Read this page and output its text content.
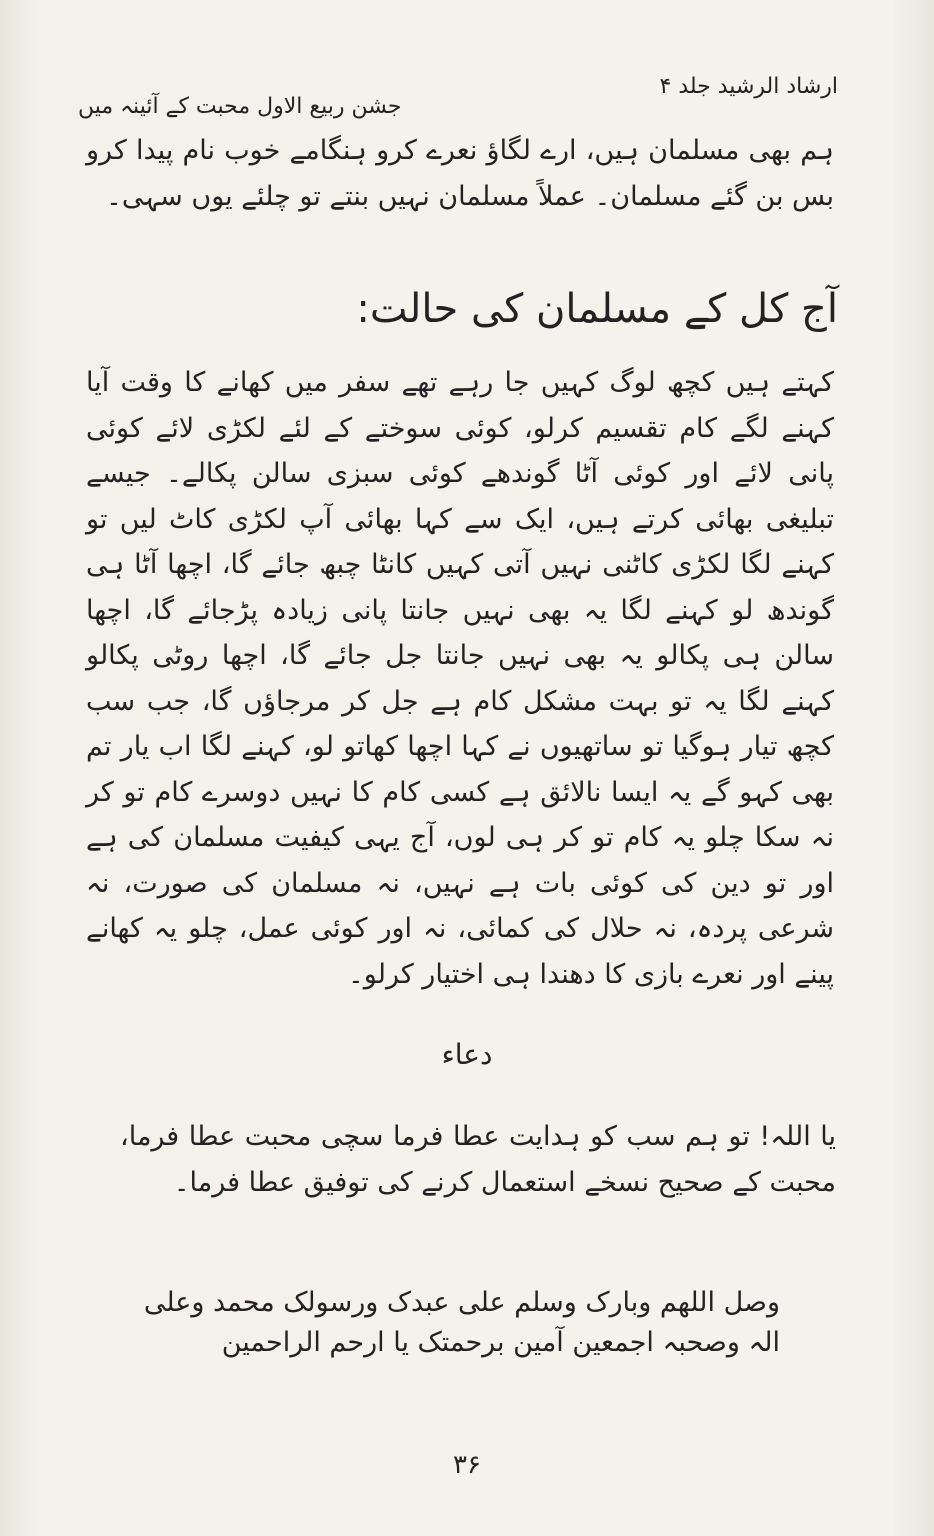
ارشاد الرشید جلد ۴
جشن ربیع الاول محبت کے آئینہ میں
ہم بھی مسلمان ہیں، ارے لگاؤ نعرے کرو ہنگامے خوب نام پیدا کرو بس بن گئے مسلمان۔ عملاً مسلمان نہیں بنتے تو چلئے یوں سہی۔
آج کل کے مسلمان کی حالت:
کہتے ہیں کچھ لوگ کہیں جا رہے تھے سفر میں کھانے کا وقت آیا کہنے لگے کام تقسیم کرلو، کوئی سوختے کے لئے لکڑی لائے کوئی پانی لائے اور کوئی آٹا گوندھے کوئی سبزی سالن پکالے۔ جیسے تبلیغی بھائی کرتے ہیں، ایک سے کہا بھائی آپ لکڑی کاٹ لیں تو کہنے لگا لکڑی کاٹنی نہیں آتی کہیں کانٹا چبھ جائے گا، اچھا آٹا ہی گوندھ لو کہنے لگا یہ بھی نہیں جانتا پانی زیادہ پڑجائے گا، اچھا سالن ہی پکالو یہ بھی نہیں جانتا جل جائے گا، اچھا روٹی پکالو کہنے لگا یہ تو بہت مشکل کام ہے جل کر مرجاؤں گا، جب سب کچھ تیار ہوگیا تو ساتھیوں نے کہا اچھا کھاتو لو، کہنے لگا اب یار تم بھی کہو گے یہ ایسا نالائق ہے کسی کام کا نہیں دوسرے کام تو کر نہ سکا چلو یہ کام تو کر ہی لوں، آج یہی کیفیت مسلمان کی ہے اور تو دین کی کوئی بات ہے نہیں، نہ مسلمان کی صورت، نہ شرعی پردہ، نہ حلال کی کمائی، نہ اور کوئی عمل، چلو یہ کھانے پینے اور نعرے بازی کا دھندا ہی اختیار کرلو۔
دعاء
یا اللہ! تو ہم سب کو ہدایت عطا فرما سچی محبت عطا فرما، محبت کے صحیح نسخے استعمال کرنے کی توفیق عطا فرما۔
وصل اللھم وبارک وسلم علی عبدک ورسولک محمد وعلی
الہ وصحبہ اجمعین آمین برحمتک یا ارحم الراحمین
۳۶
